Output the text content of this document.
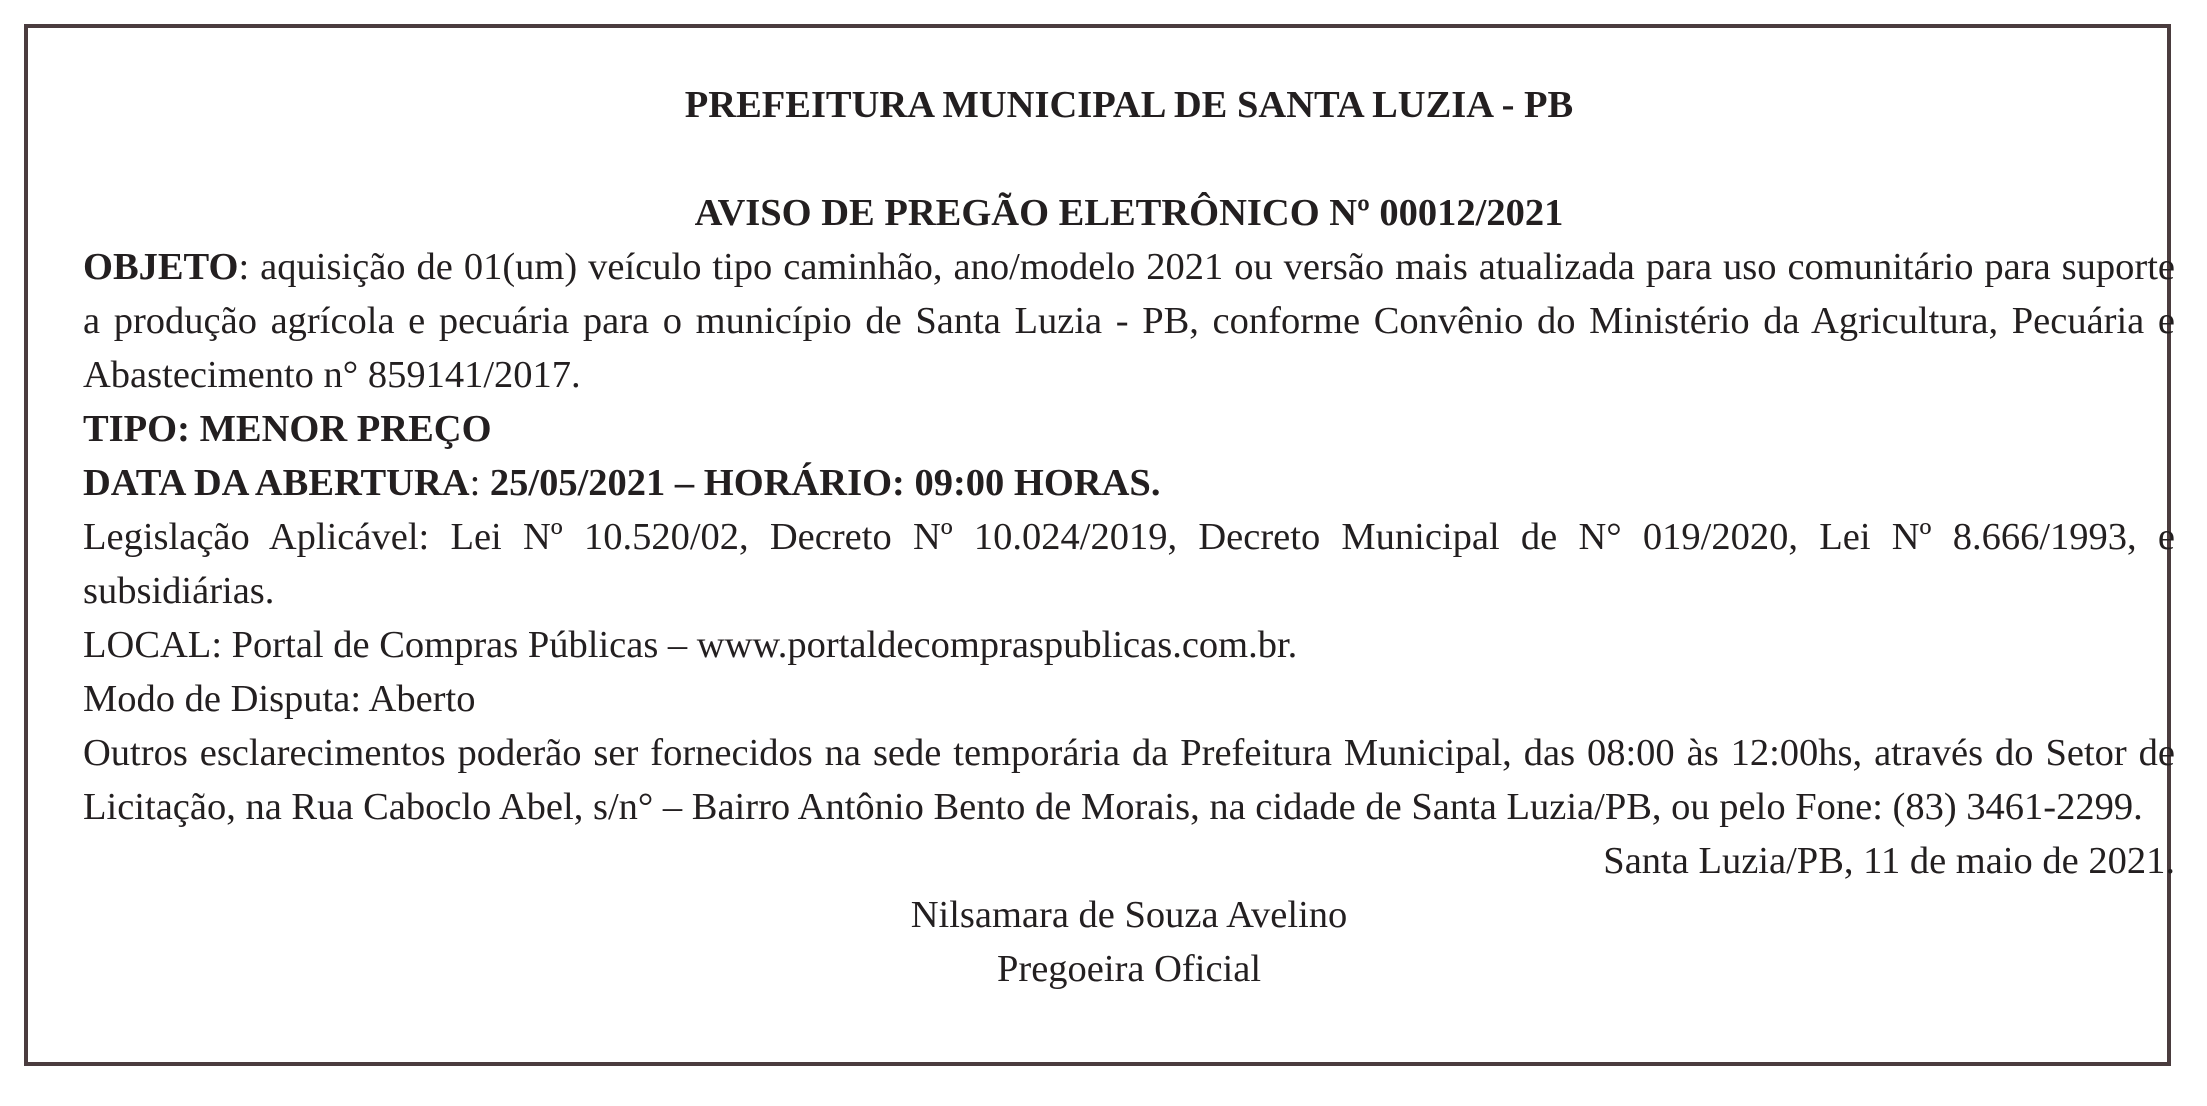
PREFEITURA MUNICIPAL DE SANTA LUZIA - PB

AVISO DE PREGÃO ELETRÔNICO Nº 00012/2021

OBJETO: aquisição de 01(um) veículo tipo caminhão, ano/modelo 2021 ou versão mais atualizada para uso comunitário para suporte a produção agrícola e pecuária para o município de Santa Luzia - PB, conforme Convênio do Ministério da Agricultura, Pecuária e Abastecimento n° 859141/2017.

TIPO: MENOR PREÇO

DATA DA ABERTURA: 25/05/2021 – HORÁRIO: 09:00 HORAS.

Legislação Aplicável: Lei Nº 10.520/02, Decreto Nº 10.024/2019, Decreto Municipal de N° 019/2020, Lei Nº 8.666/1993, e subsidiárias.

LOCAL: Portal de Compras Públicas – www.portaldecompraspublicas.com.br.

Modo de Disputa: Aberto

Outros esclarecimentos poderão ser fornecidos na sede temporária da Prefeitura Municipal, das 08:00 às 12:00hs, através do Setor de Licitação, na Rua Caboclo Abel, s/n° – Bairro Antônio Bento de Morais, na cidade de Santa Luzia/PB, ou pelo Fone: (83) 3461-2299.

Santa Luzia/PB, 11 de maio de 2021.

Nilsamara de Souza Avelino

Pregoeira Oficial
